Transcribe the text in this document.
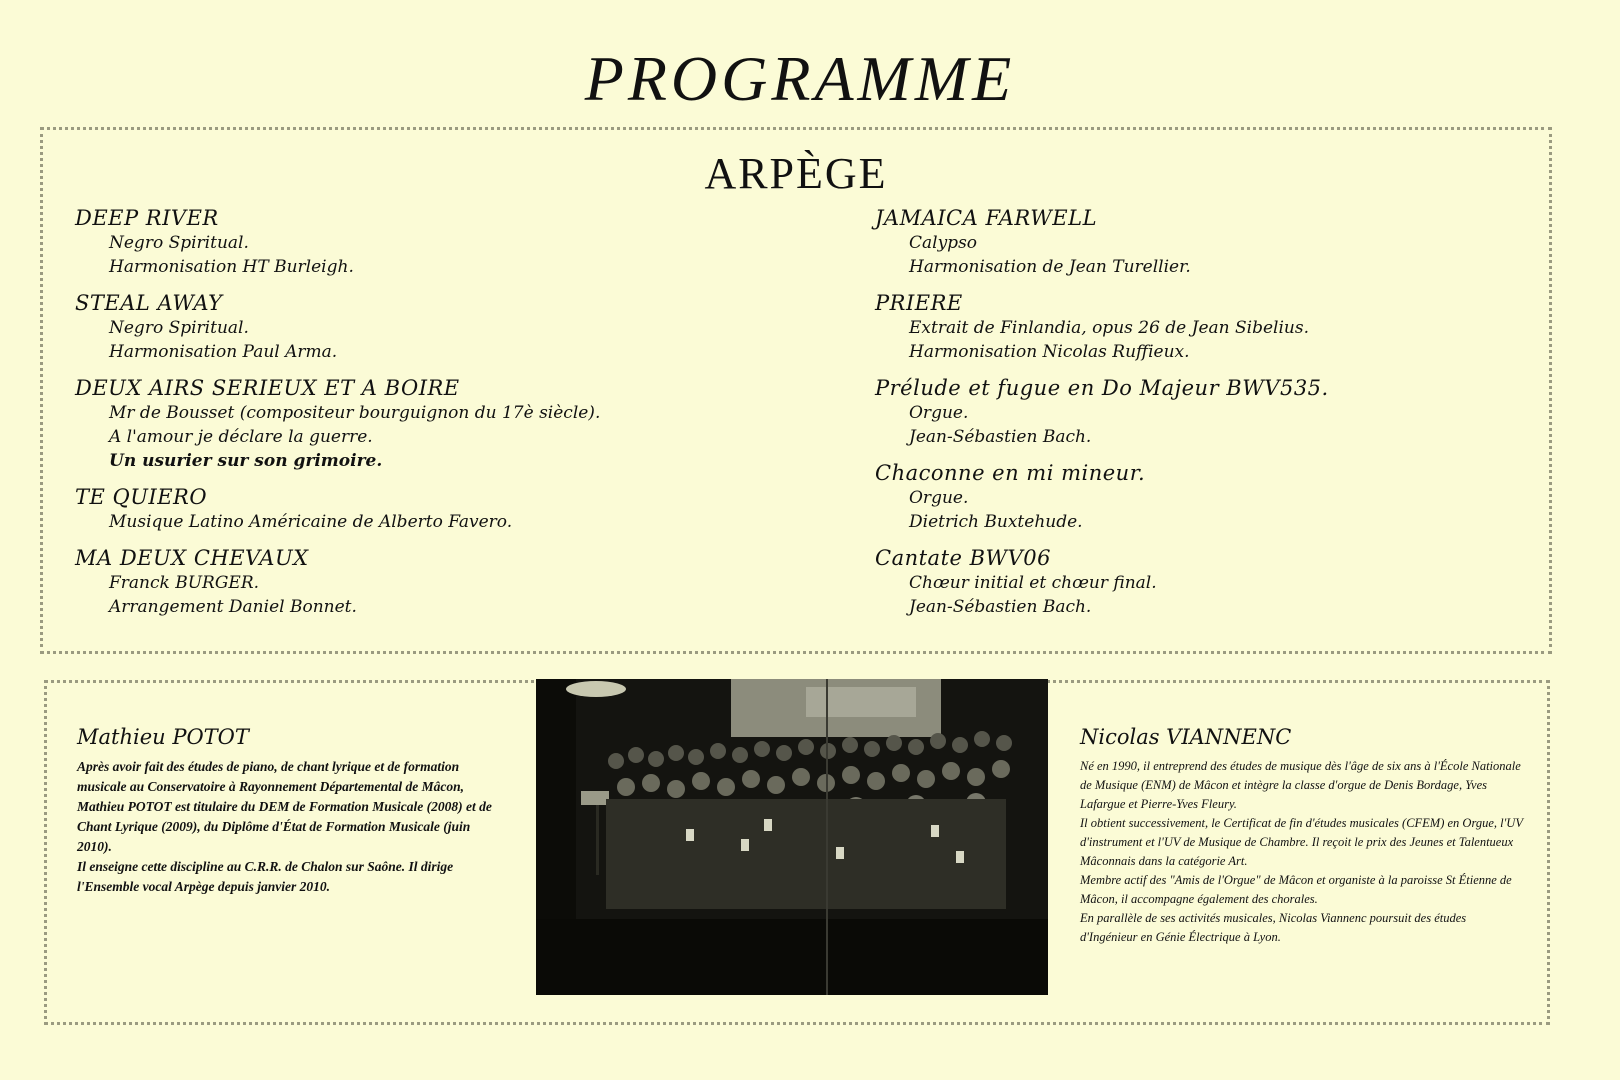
PROGRAMME
ARPÈGE
DEEP RIVER
Negro Spiritual.
Harmonisation HT Burleigh.
STEAL AWAY
Negro Spiritual.
Harmonisation Paul Arma.
DEUX AIRS SERIEUX ET A BOIRE
Mr de Bousset (compositeur bourguignon du 17è siècle).
A l'amour je déclare la guerre.
Un usurier sur son grimoire.
TE QUIERO
Musique Latino Américaine de Alberto Favero.
MA DEUX CHEVAUX
Franck BURGER.
Arrangement Daniel Bonnet.
JAMAICA FARWELL
Calypso
Harmonisation de Jean Turellier.
PRIERE
Extrait de Finlandia, opus 26 de Jean Sibelius.
Harmonisation Nicolas Ruffieux.
Prélude et fugue en Do Majeur BWV535.
Orgue.
Jean-Sébastien Bach.
Chaconne en mi mineur.
Orgue.
Dietrich Buxtehude.
Cantate BWV06
Chœur initial et chœur final.
Jean-Sébastien Bach.
Mathieu POTOT
Après avoir fait des études de piano, de chant lyrique et de formation musicale au Conservatoire à Rayonnement Départemental de Mâcon, Mathieu POTOT est titulaire du DEM de Formation Musicale (2008) et de Chant Lyrique (2009), du Diplôme d'État de Formation Musicale (juin 2010).
Il enseigne cette discipline au C.R.R. de Chalon sur Saône. Il dirige l'Ensemble vocal Arpège depuis janvier 2010.
Nicolas VIANNENC
Né en 1990, il entreprend des études de musique dès l'âge de six ans à l'École Nationale de Musique (ENM) de Mâcon et intègre la classe d'orgue de Denis Bordage, Yves Lafargue et Pierre-Yves Fleury.
Il obtient successivement, le Certificat de fin d'études musicales (CFEM) en Orgue, l'UV d'instrument et l'UV de Musique de Chambre. Il reçoit le prix des Jeunes et Talentueux Mâconnais dans la catégorie Art.
Membre actif des "Amis de l'Orgue" de Mâcon et organiste à la paroisse St Étienne de Mâcon, il accompagne également des chorales.
En parallèle de ses activités musicales, Nicolas Viannenc poursuit des études d'Ingénieur en Génie Électrique à Lyon.
